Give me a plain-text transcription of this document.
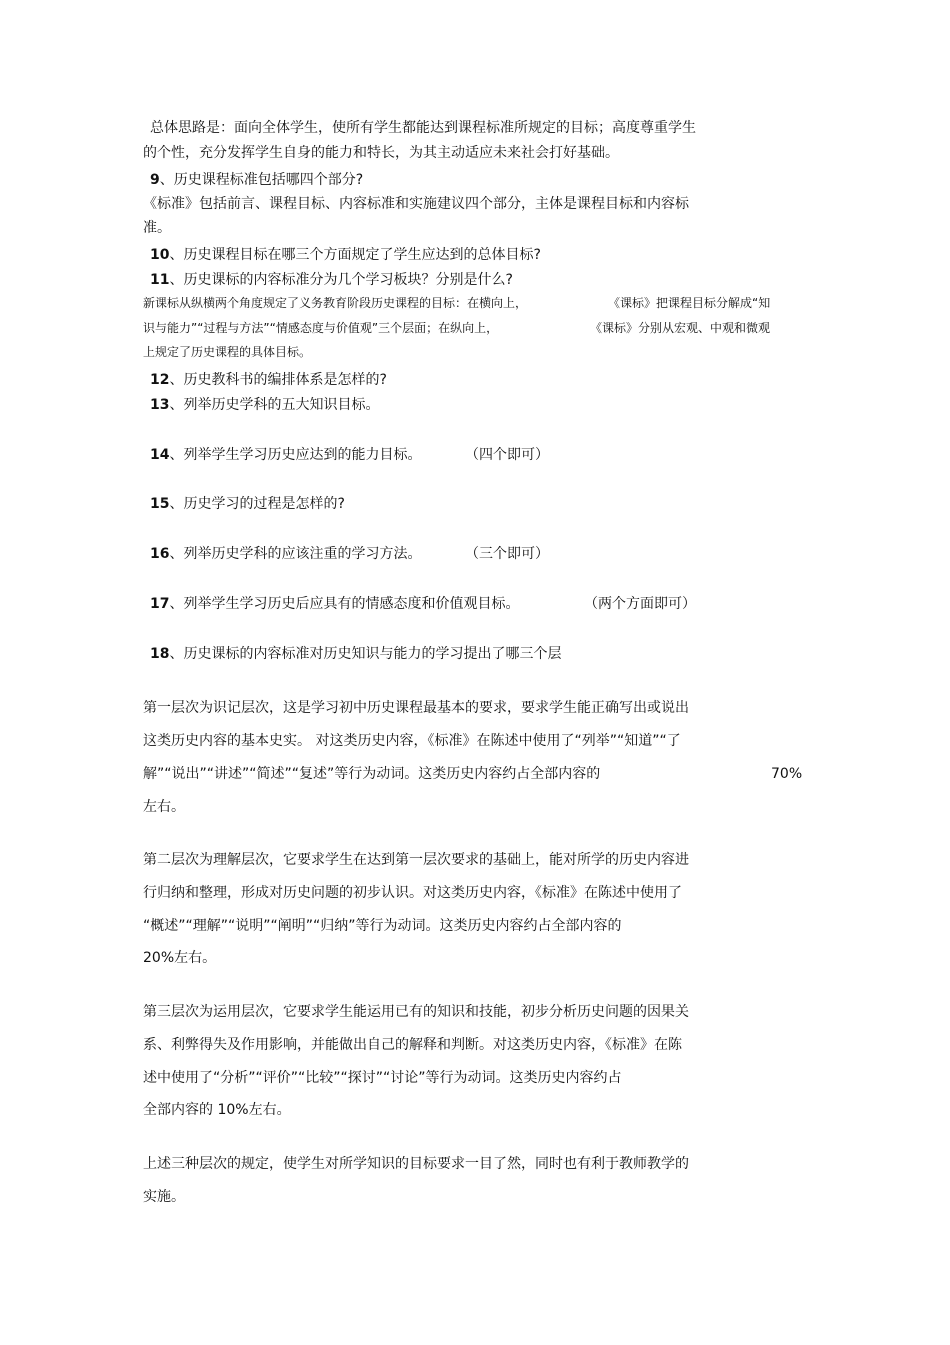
总体思路是：面向全体学生，使所有学生都能达到课程标准所规定的目标；高度尊重学生
的个性，充分发挥学生自身的能力和特长，为其主动适应未来社会打好基础。
9、历史课程标准包括哪四个部分?
《标准》包括前言、课程目标、内容标准和实施建议四个部分，主体是课程目标和内容标
准。
10、历史课程目标在哪三个方面规定了学生应达到的总体目标?
11、历史课标的内容标准分为几个学习板块？分别是什么?
新课标从纵横两个角度规定了义务教育阶段历史课程的目标：在横向上，	《课标》把课程目标分解成“知
识与能力”“过程与方法”“情感态度与价值观”三个层面；在纵向上，	《课标》分别从宏观、中观和微观
上规定了历史课程的具体目标。
12、历史教科书的编排体系是怎样的?
13、列举历史学科的五大知识目标。
14、列举学生学习历史应达到的能力目标。	（四个即可）
15、历史学习的过程是怎样的?
16、列举历史学科的应该注重的学习方法。	（三个即可）
17、列举学生学习历史后应具有的情感态度和价值观目标。	（两个方面即可）
18、历史课标的内容标准对历史知识与能力的学习提出了哪三个层
第一层次为识记层次，这是学习初中历史课程最基本的要求，要求学生能正确写出或说出
这类历史内容的基本史实。 对这类历史内容，《标准》在陈述中使用了“列举”“知道”“了
解”“说出”“讲述”“简述”“复述”等行为动词。这类历史内容约占全部内容的	70%
左右。
第二层次为理解层次，它要求学生在达到第一层次要求的基础上，能对所学的历史内容进
行归纳和整理，形成对历史问题的初步认识。对这类历史内容，《标准》在陈述中使用了
“概述”“理解”“说明”“阐明”“归纳”等行为动词。这类历史内容约占全部内容的
20%左右。
第三层次为运用层次，它要求学生能运用已有的知识和技能，初步分析历史问题的因果关
系、利弊得失及作用影响，并能做出自己的解释和判断。对这类历史内容，《标准》在陈
述中使用了“分析”“评价”“比较”“探讨”“讨论”等行为动词。这类历史内容约占
全部内容的 10%左右。
上述三种层次的规定，使学生对所学知识的目标要求一目了然，同时也有利于教师教学的
实施。
